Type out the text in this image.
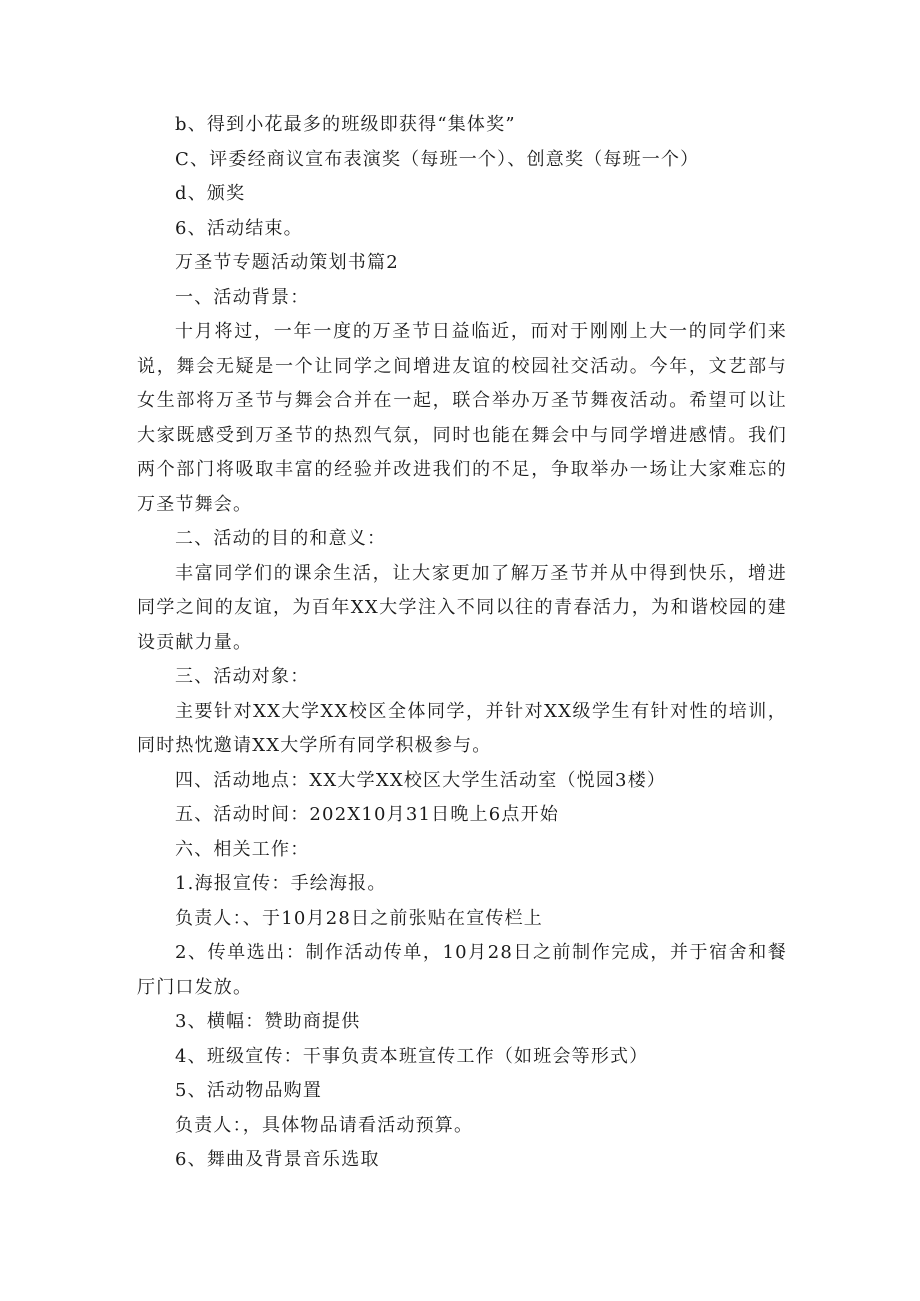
b、得到小花最多的班级即获得“集体奖”

C、评委经商议宣布表演奖（每班一个）、创意奖（每班一个）

d、颁奖

6、活动结束。

万圣节专题活动策划书篇2

一、活动背景：

十月将过，一年一度的万圣节日益临近，而对于刚刚上大一的同学们来说，舞会无疑是一个让同学之间增进友谊的校园社交活动。今年，文艺部与女生部将万圣节与舞会合并在一起，联合举办万圣节舞夜活动。希望可以让大家既感受到万圣节的热烈气氛，同时也能在舞会中与同学增进感情。我们两个部门将吸取丰富的经验并改进我们的不足，争取举办一场让大家难忘的万圣节舞会。

二、活动的目的和意义：

丰富同学们的课余生活，让大家更加了解万圣节并从中得到快乐，增进同学之间的友谊，为百年XX大学注入不同以往的青春活力，为和谐校园的建设贡献力量。

三、活动对象：

主要针对XX大学XX校区全体同学，并针对XX级学生有针对性的培训，同时热忱邀请XX大学所有同学积极参与。

四、活动地点：XX大学XX校区大学生活动室（悦园3楼）

五、活动时间：202X10月31日晚上6点开始

六、相关工作：

1.海报宣传：手绘海报。

负责人：、于10月28日之前张贴在宣传栏上

2、传单选出：制作活动传单，10月28日之前制作完成，并于宿舍和餐厅门口发放。

3、横幅：赞助商提供

4、班级宣传：干事负责本班宣传工作（如班会等形式）

5、活动物品购置

负责人：，具体物品请看活动预算。

6、舞曲及背景音乐选取
